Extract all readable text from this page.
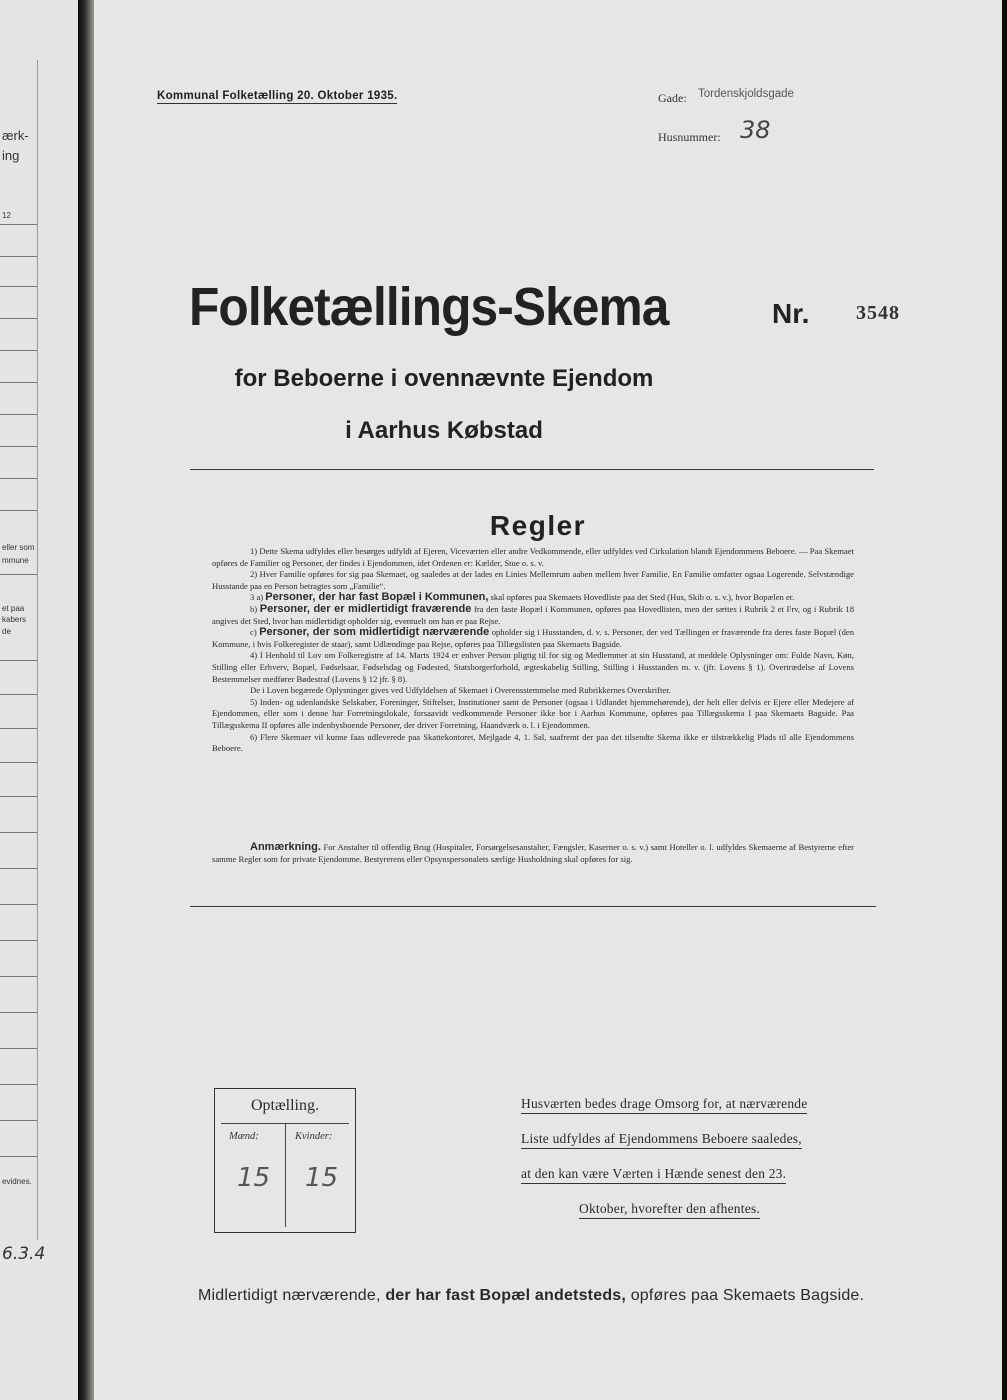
ærk-
ing
12
eller som
mmune
et paa
kabers
de
evidnes.
6.3.4
Kommunal Folketælling 20. Oktober 1935.	Gade: Tordenskjoldsgade
Husnummer: 38
Folketællings-Skema	Nr. 3548
for Beboerne i ovennævnte Ejendom
i Aarhus Købstad
Regler

1) Dette Skema udfyldes eller besørges udfyldt af Ejeren, Viceværten eller andre Vedkommende, eller udfyldes ved Cirkulation blandt Ejendommens Beboere. — Paa Skemaet opføres de Familier og Personer, der findes i Ejendommen, idet Ordenen er: Kælder, Stue o. s. v.

2) Hver Familie opføres for sig paa Skemaet, og saaledes at der lades en Linies Mellemrum aaben mellem hver Familie. En Familie omfatter ogsaa Logerende. Selvstændige Husstande paa en Person betragtes som „Familie“.

3 a) Personer, der har fast Bopæl i Kommunen, skal opføres paa Skemaets Hovedliste paa det Sted (Hus, Skib o. s. v.), hvor Bopælen er.

b) Personer, der er midlertidigt fraværende fra den faste Bopæl i Kommunen, opføres paa Hovedlisten, men der sættes i Rubrik 2 et Frv, og i Rubrik 18 angives det Sted, hvor han midlertidigt opholder sig, eventuelt om han er paa Rejse.

c) Personer, der som midlertidigt nærværende opholder sig i Husstanden, d. v. s. Personer, der ved Tællingen er fraværende fra deres faste Bopæl (den Kommune, i hvis Folkeregister de staar), samt Udlændinge paa Rejse, opføres paa Tillægslisten paa Skemaets Bagside.

4) I Henhold til Lov om Folkeregistre af 14. Marts 1924 er enhver Person pligtig til for sig og Medlemmer at sin Husstand, at meddele Oplysninger om: Fulde Navn, Køn, Stilling eller Erhverv, Bopæl, Fødselsaar, Fødselsdag og Fødested, Statsborgerforhold, ægteskabelig Stilling, Stilling i Husstanden m. v. (jfr. Lovens § 1). Overtrædelse af Lovens Bestemmelser medfører Bødestraf (Lovens § 12 jfr. § 8).

De i Loven begærede Oplysninger gives ved Udfyldelsen af Skemaet i Overensstemmelse med Rubrikkernes Overskrifter.

5) Inden- og udenlandske Selskaber, Foreninger, Stiftelser, Institutioner samt de Personer (ogsaa i Udlandet hjemmehørende), der helt eller delvis er Ejere eller Medejere af Ejendommen, eller som i denne har Forretningslokale, forsaavidt vedkommende Personer ikke bor i Aarhus Kommune, opføres paa Tillægsskema I paa Skemaets Bagside. Paa Tillægsskema II opføres alle indenbysboende Personer, der driver Forretning, Haandværk o. l. i Ejendommen.

6) Flere Skemaer vil kunne faas udleverede paa Skattekontoret, Mejlgade 4, 1. Sal, saafremt der paa det tilsendte Skema ikke er tilstrækkelig Plads til alle Ejendommens Beboere.

Anmærkning. For Anstalter til offentlig Brug (Hospitaler, Forsørgelsesanstalter, Fængsler, Kaserner o. s. v.) samt Hoteller o. l. udfyldes Skemaerne af Bestyrerne efter samme Regler som for private Ejendomme. Bestyrerens eller Opsynspersonalets særlige Husholdning skal opføres for sig.

Optælling.
Mænd:	Kvinder:
15 15
Husværten bedes drage Omsorg for, at nærværende
Liste udfyldes af Ejendommens Beboere saaledes,
at den kan være Værten i Hænde senest den 23.
Oktober, hvorefter den afhentes.
Midlertidigt nærværende, der har fast Bopæl andetsteds, opføres paa Skemaets Bagside.
